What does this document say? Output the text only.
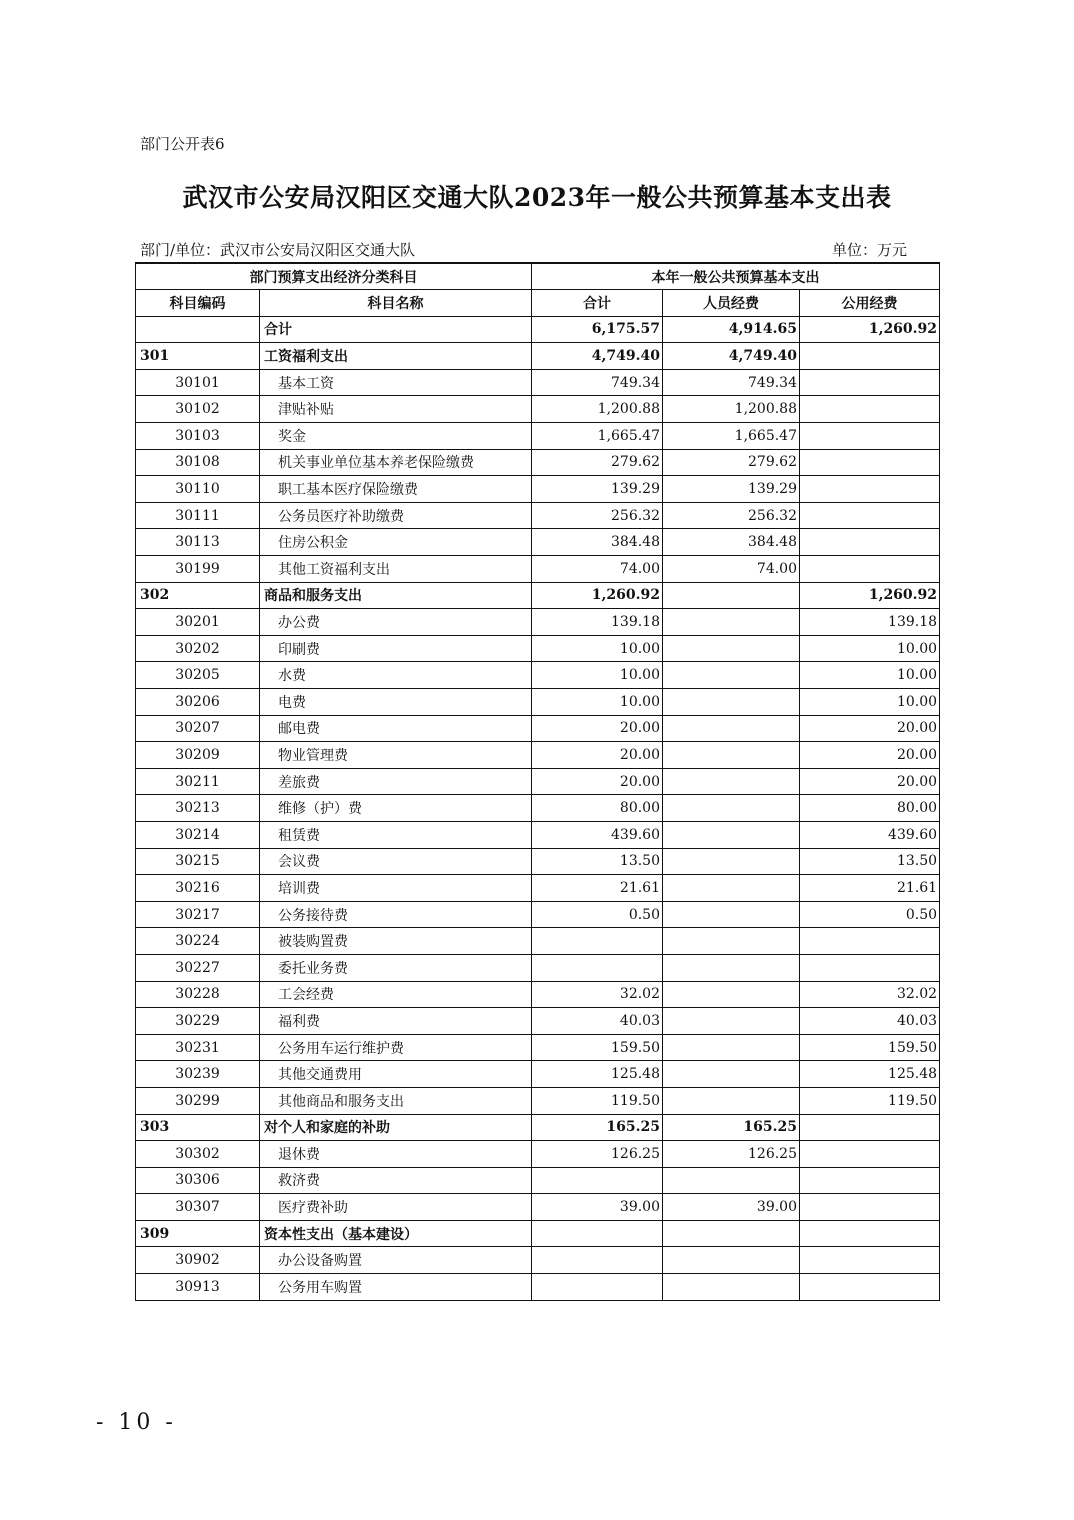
部门公开表6
武汉市公安局汉阳区交通大队2023年一般公共预算基本支出表
部门/单位：武汉市公安局汉阳区交通大队	单位：万元
部门预算支出经济分类科目		本年一般公共预算基本支出		
科目编码	科目名称	合计	人员经费	公用经费
	合计	6,175.57	4,914.65	1,260.92
301	工资福利支出	4,749.40	4,749.40	
30101	基本工资	749.34	749.34	
30102	津贴补贴	1,200.88	1,200.88	
30103	奖金	1,665.47	1,665.47	
30108	机关事业单位基本养老保险缴费	279.62	279.62	
30110	职工基本医疗保险缴费	139.29	139.29	
30111	公务员医疗补助缴费	256.32	256.32	
30113	住房公积金	384.48	384.48	
30199	其他工资福利支出	74.00	74.00	
302	商品和服务支出	1,260.92		1,260.92
30201	办公费	139.18		139.18
30202	印刷费	10.00		10.00
30205	水费	10.00		10.00
30206	电费	10.00		10.00
30207	邮电费	20.00		20.00
30209	物业管理费	20.00		20.00
30211	差旅费	20.00		20.00
30213	维修（护）费	80.00		80.00
30214	租赁费	439.60		439.60
30215	会议费	13.50		13.50
30216	培训费	21.61		21.61
30217	公务接待费	0.50		0.50
30224	被装购置费			
30227	委托业务费			
30228	工会经费	32.02		32.02
30229	福利费	40.03		40.03
30231	公务用车运行维护费	159.50		159.50
30239	其他交通费用	125.48		125.48
30299	其他商品和服务支出	119.50		119.50
303	对个人和家庭的补助	165.25	165.25	
30302	退休费	126.25	126.25	
30306	救济费			
30307	医疗费补助	39.00	39.00	
309	资本性支出（基本建设）			
30902	办公设备购置			
30913	公务用车购置			
- 10 -
